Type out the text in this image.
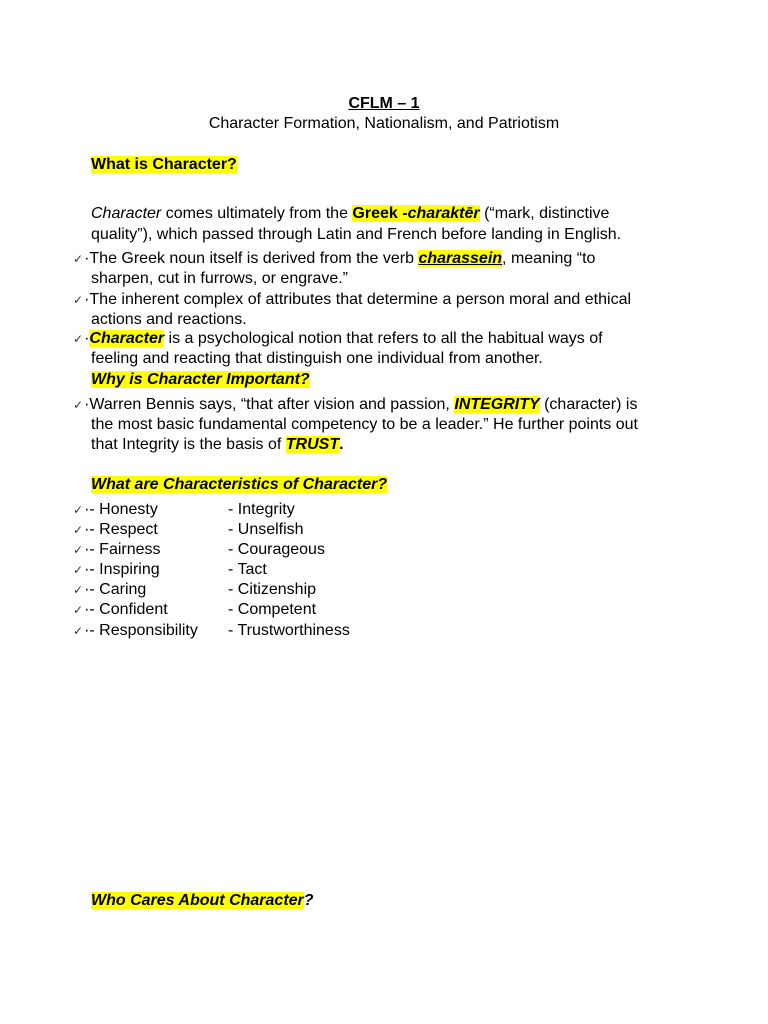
CFLM – 1
Character Formation, Nationalism, and Patriotism
What is Character?
Character comes ultimately from the Greek -charaktēr (“mark, distinctive
quality”), which passed through Latin and French before landing in English.
✓·The Greek noun itself is derived from the verb charassein, meaning “to
sharpen, cut in furrows, or engrave.”
✓·The inherent complex of attributes that determine a person moral and ethical
actions and reactions.
✓·Character is a psychological notion that refers to all the habitual ways of
feeling and reacting that distinguish one individual from another.
Why is Character Important?
✓·Warren Bennis says, “that after vision and passion, INTEGRITY (character) is
the most basic fundamental competency to be a leader.” He further points out
that Integrity is the basis of TRUST.
What are Characteristics of Character?
✓·- Honesty	- Integrity
✓·- Respect	- Unselfish
✓·- Fairness	- Courageous
✓·- Inspiring	- Tact
✓·- Caring	- Citizenship
✓·- Confident	- Competent
✓·- Responsibility - Trustworthiness
Who Cares About Character?
